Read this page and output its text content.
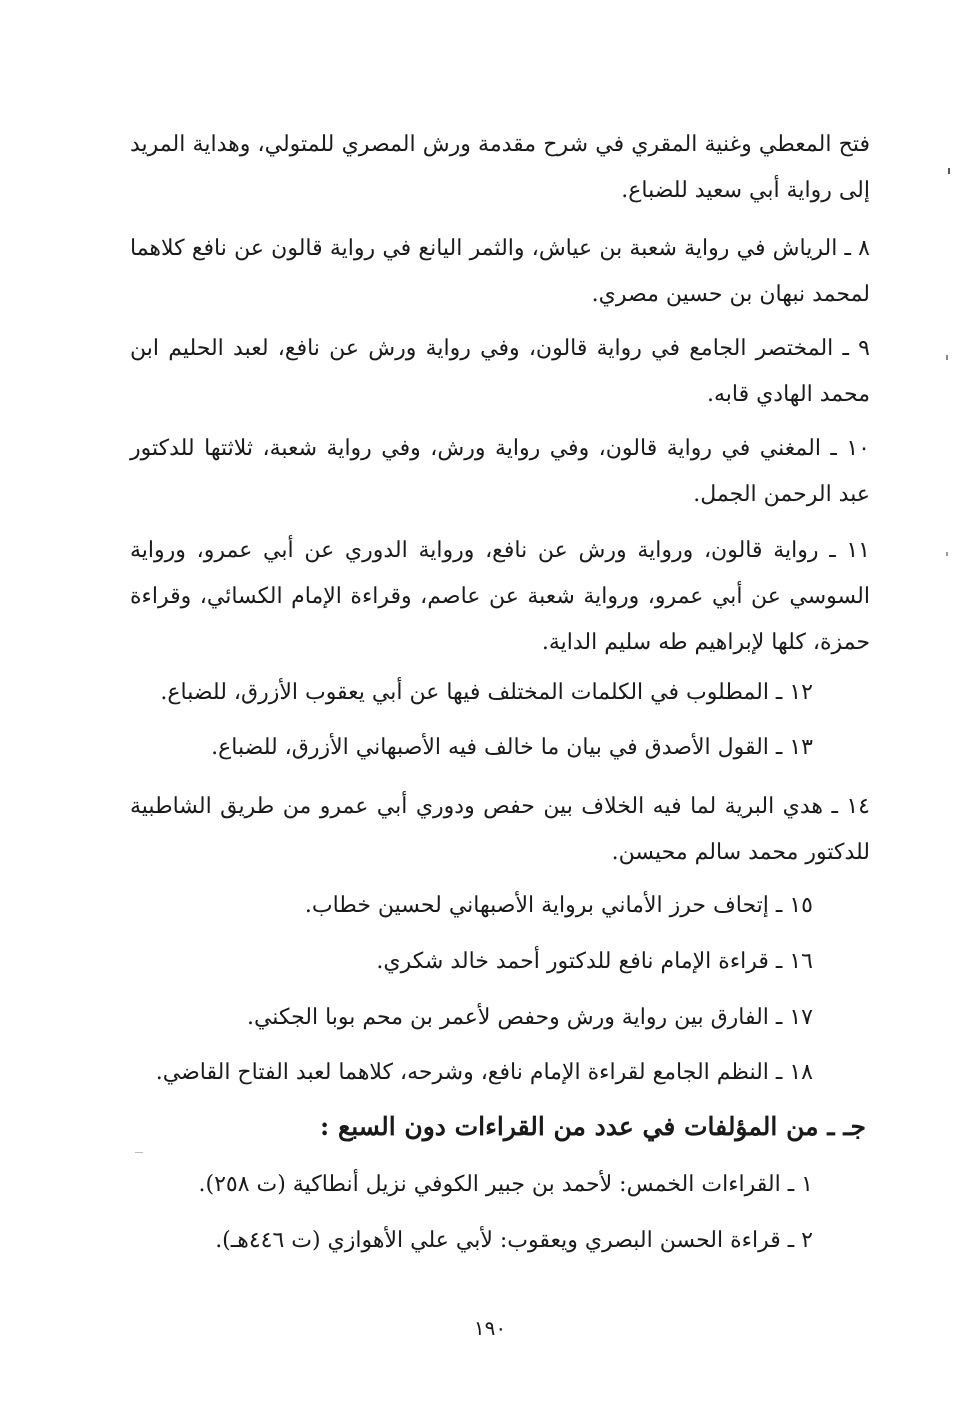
فتح المعطي وغنية المقري في شرح مقدمة ورش المصري للمتولي، وهداية المريد إلى رواية أبي سعيد للضباع.
٨ ـ الرياش في رواية شعبة بن عياش، والثمر اليانع في رواية قالون عن نافع كلاهما لمحمد نبهان بن حسين مصري.
٩ ـ المختصر الجامع في رواية قالون، وفي رواية ورش عن نافع، لعبد الحليم ابن محمد الهادي قابه.
١٠ ـ المغني في رواية قالون، وفي رواية ورش، وفي رواية شعبة، ثلاثتها للدكتور عبد الرحمن الجمل.
١١ ـ رواية قالون، ورواية ورش عن نافع، ورواية الدوري عن أبي عمرو، ورواية السوسي عن أبي عمرو، ورواية شعبة عن عاصم، وقراءة الإمام الكسائي، وقراءة حمزة، كلها لإبراهيم طه سليم الداية.
١٢ ـ المطلوب في الكلمات المختلف فيها عن أبي يعقوب الأزرق، للضباع.
١٣ ـ القول الأصدق في بيان ما خالف فيه الأصبهاني الأزرق، للضباع.
١٤ ـ هدي البرية لما فيه الخلاف بين حفص ودوري أبي عمرو من طريق الشاطبية للدكتور محمد سالم محيسن.
١٥ ـ إتحاف حرز الأماني برواية الأصبهاني لحسين خطاب.
١٦ ـ قراءة الإمام نافع للدكتور أحمد خالد شكري.
١٧ ـ الفارق بين رواية ورش وحفص لأعمر بن محم بوبا الجكني.
١٨ ـ النظم الجامع لقراءة الإمام نافع، وشرحه، كلاهما لعبد الفتاح القاضي.
جـ ـ من المؤلفات في عدد من القراءات دون السبع :
١ ـ القراءات الخمس: لأحمد بن جبير الكوفي نزيل أنطاكية (ت ٢٥٨).
٢ ـ قراءة الحسن البصري ويعقوب: لأبي علي الأهوازي (ت ٤٤٦هـ).
١٩٠
